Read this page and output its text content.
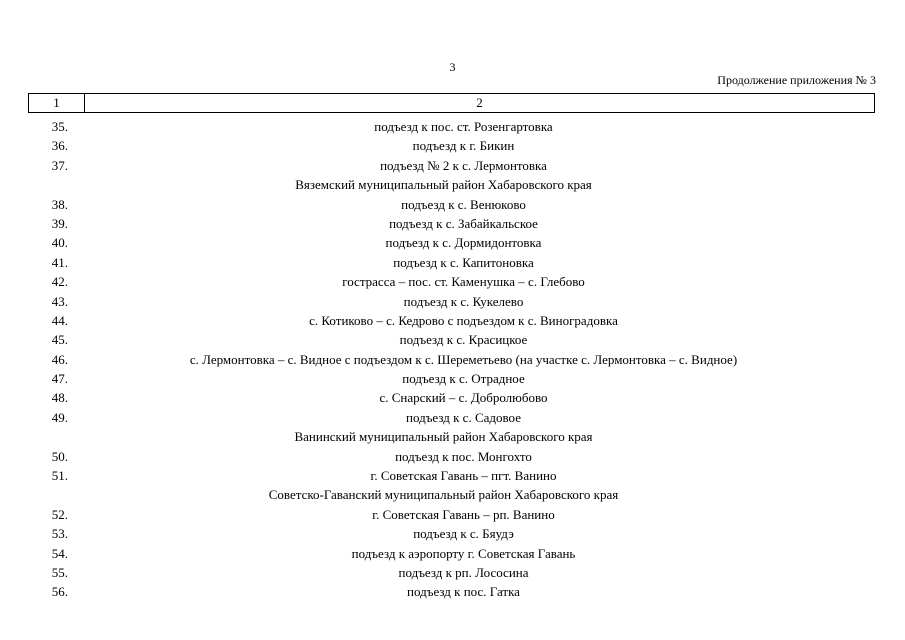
3
Продолжение приложения № 3
1	2
35.	подъезд к пос. ст. Розенгартовка
36.	подъезд к г. Бикин
37.	подъезд № 2 к с. Лермонтовка
Вяземский муниципальный район Хабаровского края
38.	подъезд к с. Венюково
39.	подъезд к с. Забайкальское
40.	подъезд к с. Дормидонтовка
41.	подъезд к с. Капитоновка
42.	гострасса – пос. ст. Каменушка – с. Глебово
43.	подъезд к с. Кукелево
44.	с. Котиково – с. Кедрово с подъездом к с. Виноградовка
45.	подъезд к с. Красицкое
46.	с. Лермонтовка – с. Видное с подъездом к с. Шереметьево (на участке с. Лермонтовка – с. Видное)
47.	подъезд к с. Отрадное
48.	с. Снарский – с. Добролюбово
49.	подъезд к с. Садовое
Ванинский муниципальный район Хабаровского края
50.	подъезд к пос. Монгохто
51.	г. Советская Гавань – пгт. Ванино
Советско-Гаванский муниципальный район Хабаровского края
52.	г. Советская Гавань – рп. Ванино
53.	подъезд к с. Бяудэ
54.	подъезд к аэропорту г. Советская Гавань
55.	подъезд к рп. Лососина
56.	подъезд к пос. Гатка
